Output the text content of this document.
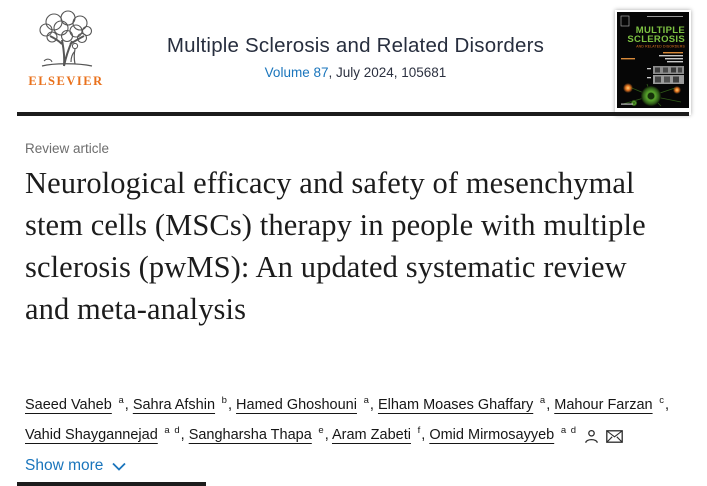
ELSEVIER
Multiple Sclerosis and Related Disorders
Volume 87, July 2024, 105681
MULTIPLE
SCLEROSIS
AND RELATED DISORDERS
Review article
Neurological efficacy and safety of mesenchymal stem cells (MSCs) therapy in people with multiple sclerosis (pwMS): An updated systematic review and meta-analysis
Saeed Vaheb $^a$, Sahra Afshin $^b$, Hamed Ghoshouni $^a$, Elham Moases Ghaffary $^a$, Mahour Farzan $^c$, Vahid Shaygannejad $^{a d}$, Sangharsha Thapa $^e$, Aram Zabeti $^f$, Omid Mirmosayyeb $^{a d}$
Show more
